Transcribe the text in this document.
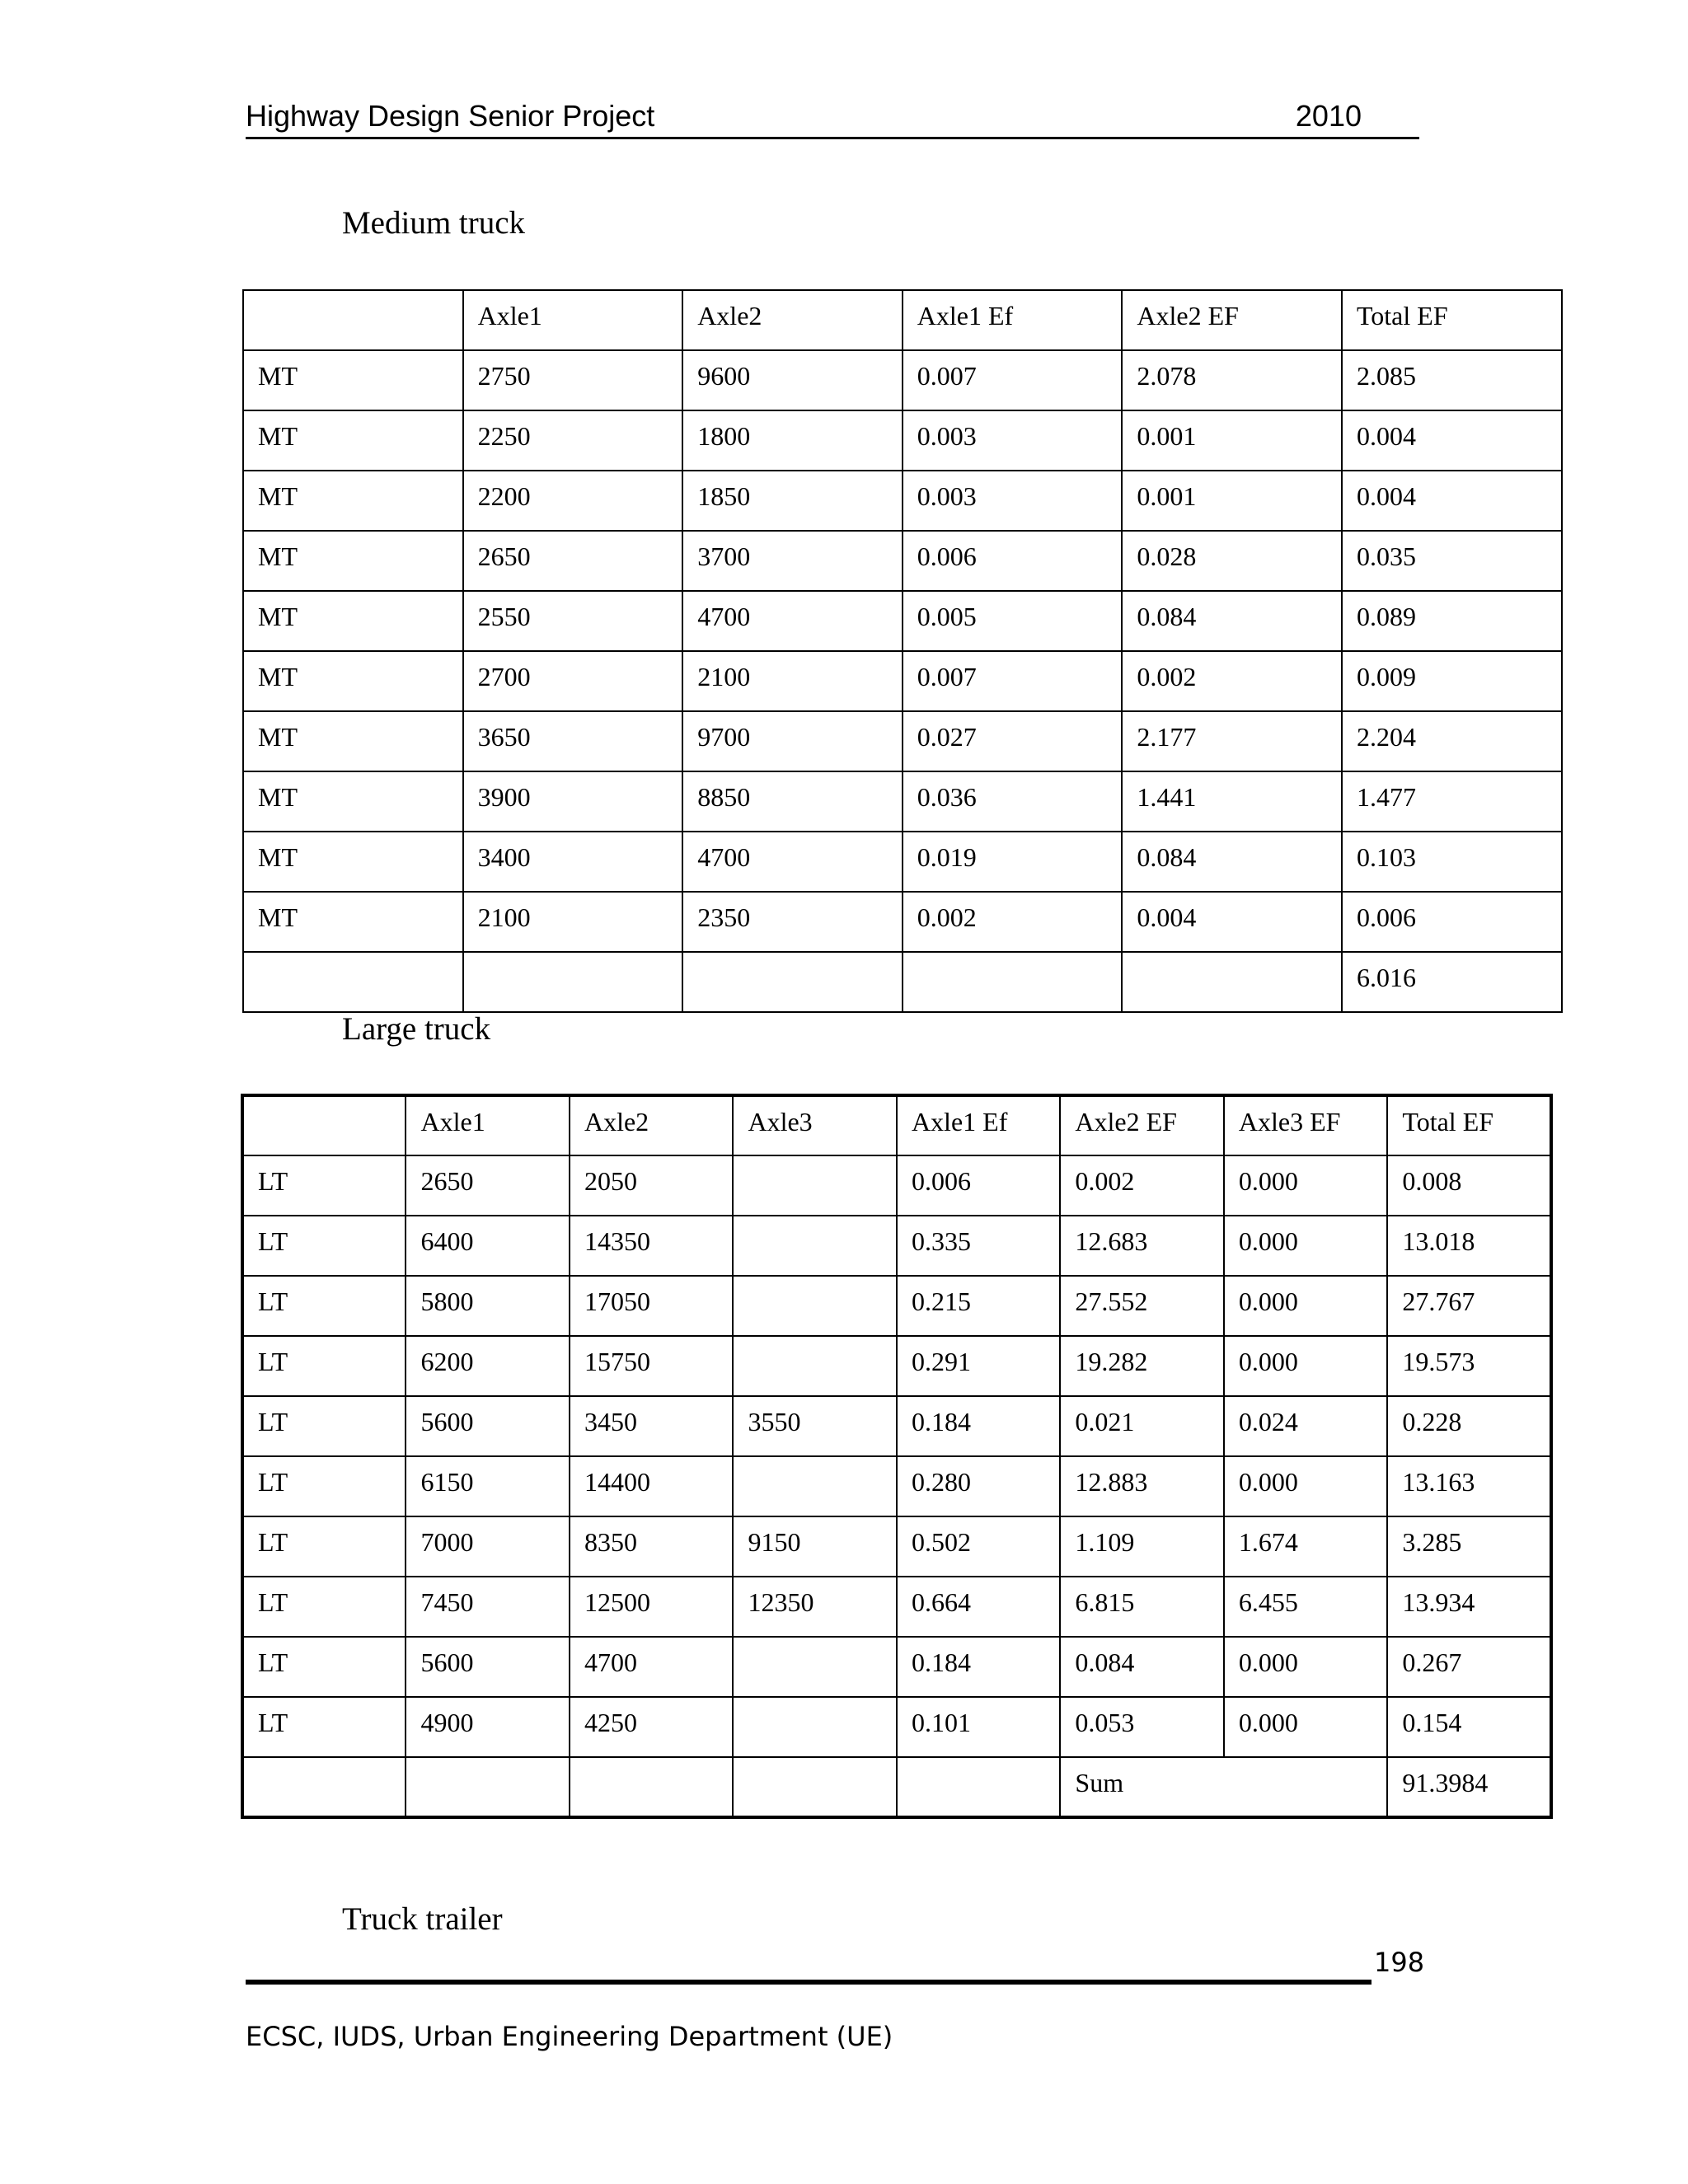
Highway Design Senior Project	2010
Medium truck
	Axle1	Axle2	Axle1 Ef	Axle2 EF	Total EF
MT	2750	9600	0.007	2.078	2.085
MT	2250	1800	0.003	0.001	0.004
MT	2200	1850	0.003	0.001	0.004
MT	2650	3700	0.006	0.028	0.035
MT	2550	4700	0.005	0.084	0.089
MT	2700	2100	0.007	0.002	0.009
MT	3650	9700	0.027	2.177	2.204
MT	3900	8850	0.036	1.441	1.477
MT	3400	4700	0.019	0.084	0.103
MT	2100	2350	0.002	0.004	0.006
					6.016
Large truck
	Axle1	Axle2	Axle3	Axle1 Ef	Axle2 EF	Axle3 EF	Total EF
LT	2650	2050		0.006	0.002	0.000	0.008
LT	6400	14350		0.335	12.683	0.000	13.018
LT	5800	17050		0.215	27.552	0.000	27.767
LT	6200	15750		0.291	19.282	0.000	19.573
LT	5600	3450	3550	0.184	0.021	0.024	0.228
LT	6150	14400		0.280	12.883	0.000	13.163
LT	7000	8350	9150	0.502	1.109	1.674	3.285
LT	7450	12500	12350	0.664	6.815	6.455	13.934
LT	5600	4700		0.184	0.084	0.000	0.267
LT	4900	4250		0.101	0.053	0.000	0.154
					Sum		91.3984
Truck trailer
198
ECSC, IUDS, Urban Engineering Department (UE)
